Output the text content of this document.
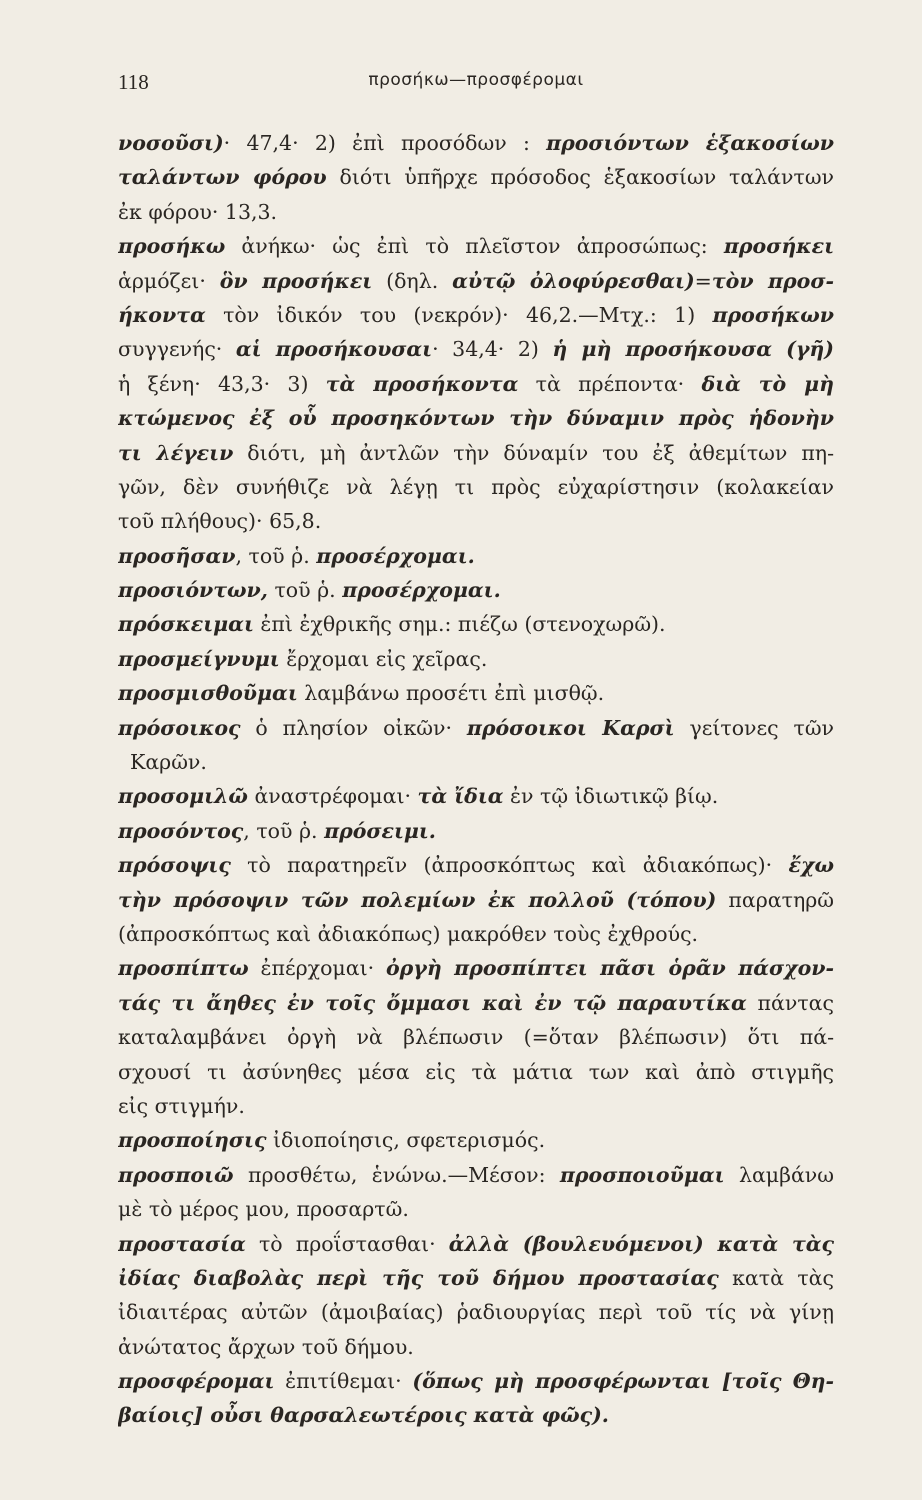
118	προσήκω—προσφέρομαι
νοσοῦσι)· 47,4· 2) ἐπὶ προσόδων : προσιόντων ἑξακοσίων
ταλάντων φόρου διότι ὑπῆρχε πρόσοδος ἑξακοσίων ταλάντων
ἐκ φόρου· 13,3.
προσήκω ἀνήκω· ὡς ἐπὶ τὸ πλεῖστον ἀπροσώπως: προσήκει
ἁρμόζει· ὃν προσήκει (δηλ. αὐτῷ ὀλοφύρεσθαι)=τὸν προσ-
ήκοντα τὸν ἰδικόν του (νεκρόν)· 46,2.—Μτχ.: 1) προσήκων
συγγενής· αἱ προσήκουσαι· 34,4· 2) ἡ μὴ προσήκουσα (γῆ)
ἡ ξένη· 43,3· 3) τὰ προσήκοντα τὰ πρέποντα· διὰ τὸ μὴ
κτώμενος ἐξ οὗ προσηκόντων τὴν δύναμιν πρὸς ἡδονὴν
τι λέγειν διότι, μὴ ἀντλῶν τὴν δύναμίν του ἐξ ἀθεμίτων πη-
γῶν, δὲν συνήθιζε νὰ λέγῃ τι πρὸς εὐχαρίστησιν (κολακείαν
τοῦ πλήθους)· 65,8.
προσῆσαν, τοῦ ῥ. προσέρχομαι.
προσιόντων, τοῦ ῥ. προσέρχομαι.
πρόσκειμαι ἐπὶ ἐχθρικῆς σημ.: πιέζω (στενοχωρῶ).
προσμείγνυμι ἔρχομαι εἰς χεῖρας.
προσμισθοῦμαι λαμβάνω προσέτι ἐπὶ μισθῷ.
πρόσοικος ὁ πλησίον οἰκῶν· πρόσοικοι Καρσὶ γείτονες τῶν
Καρῶν.
προσομιλῶ ἀναστρέφομαι· τὰ ἴδια ἐν τῷ ἰδιωτικῷ βίῳ.
προσόντος, τοῦ ῥ. πρόσειμι.
πρόσοψις τὸ παρατηρεῖν (ἀπροσκόπτως καὶ ἀδιακόπως)· ἔχω
τὴν πρόσοψιν τῶν πολεμίων ἐκ πολλοῦ (τόπου) παρατηρῶ
(ἀπροσκόπτως καὶ ἀδιακόπως) μακρόθεν τοὺς ἐχθρούς.
προσπίπτω ἐπέρχομαι· ὀργὴ προσπίπτει πᾶσι ὁρᾶν πάσχον-
τάς τι ἄηθες ἐν τοῖς ὄμμασι καὶ ἐν τῷ παραυτίκα πάντας
καταλαμβάνει ὀργὴ νὰ βλέπωσιν (=ὅταν βλέπωσιν) ὅτι πά-
σχουσί τι ἀσύνηθες μέσα εἰς τὰ μάτια των καὶ ἀπὸ στιγμῆς
εἰς στιγμήν.
προσποίησις ἰδιοποίησις, σφετερισμός.
προσποιῶ προσθέτω, ἑνώνω.—Μέσον: προσποιοῦμαι λαμβάνω
μὲ τὸ μέρος μου, προσαρτῶ.
προστασία τὸ προΐστασθαι· ἀλλὰ (βουλευόμενοι) κατὰ τὰς
ἰδίας διαβολὰς περὶ τῆς τοῦ δήμου προστασίας κατὰ τὰς
ἰδιαιτέρας αὐτῶν (ἀμοιβαίας) ῥαδιουργίας περὶ τοῦ τίς νὰ γίνῃ
ἀνώτατος ἄρχων τοῦ δήμου.
προσφέρομαι ἐπιτίθεμαι· (ὅπως μὴ προσφέρωνται [τοῖς Θη-
βαίοις] οὖσι θαρσαλεωτέροις κατὰ φῶς).
